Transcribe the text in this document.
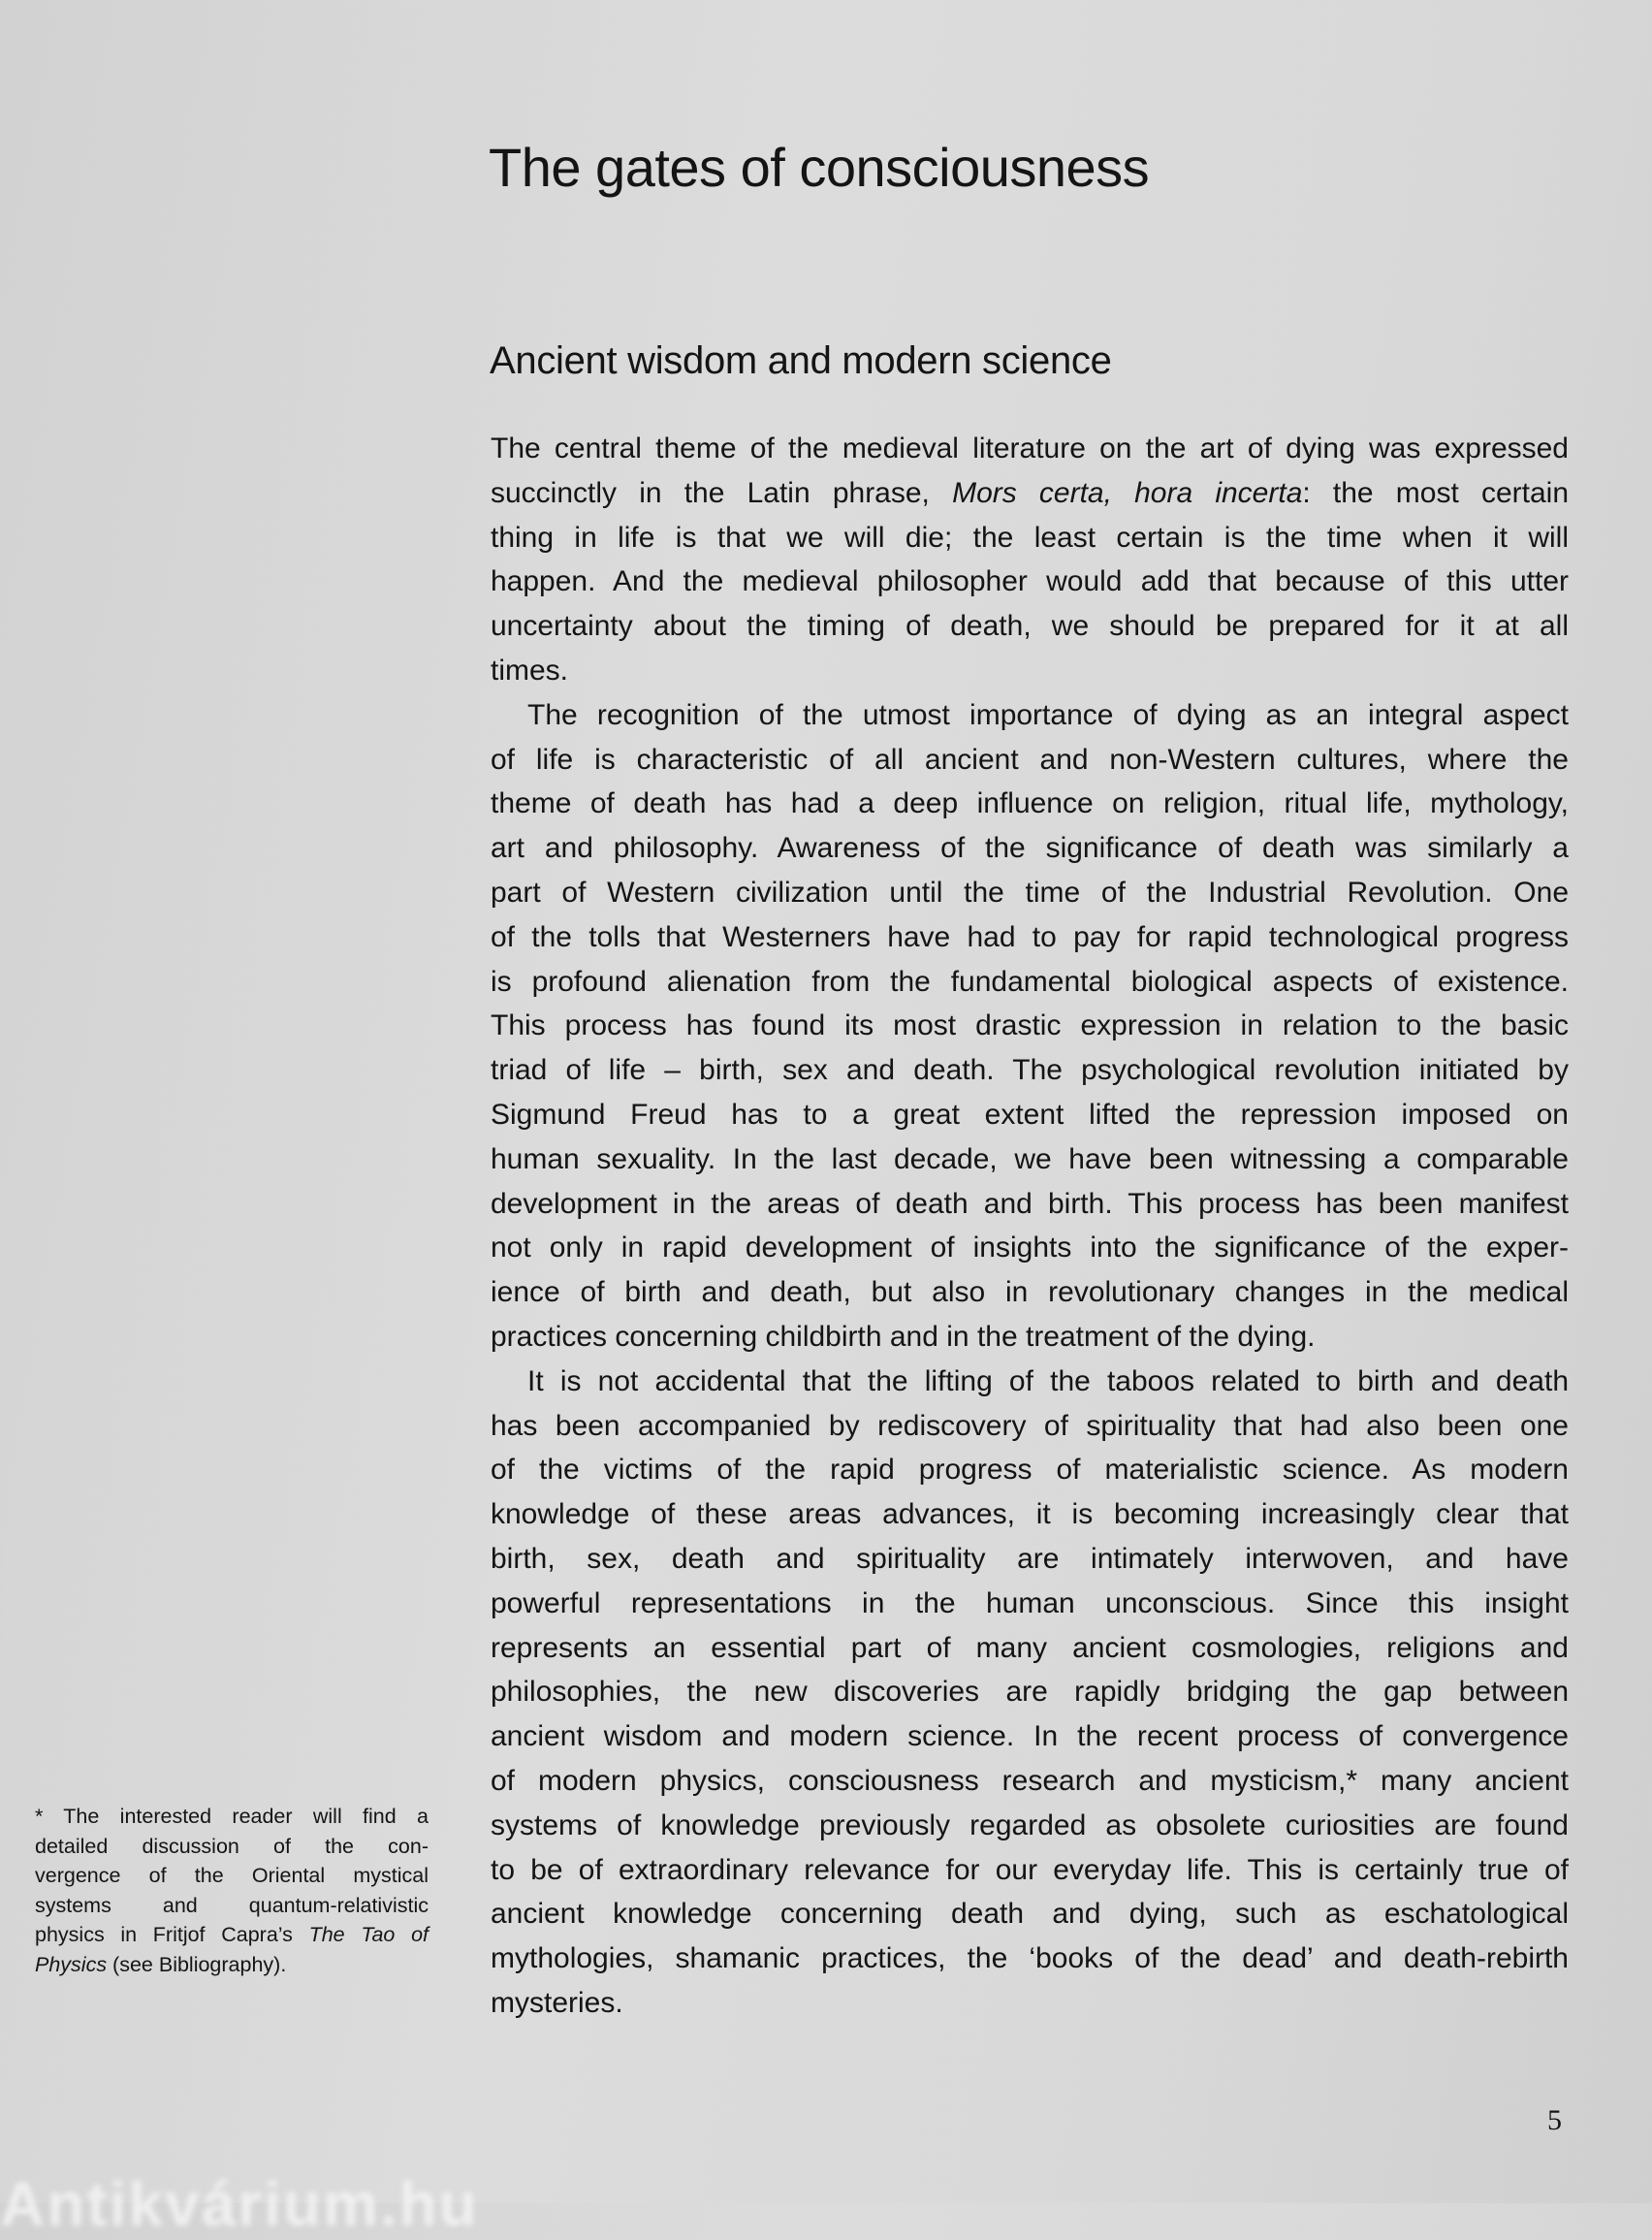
The gates of consciousness
Ancient wisdom and modern science
The central theme of the medieval literature on the art of dying was expressed
succinctly in the Latin phrase, Mors certa, hora incerta: the most certain
thing in life is that we will die; the least certain is the time when it will
happen. And the medieval philosopher would add that because of this utter
uncertainty about the timing of death, we should be prepared for it at all
times.
The recognition of the utmost importance of dying as an integral aspect
of life is characteristic of all ancient and non-Western cultures, where the
theme of death has had a deep influence on religion, ritual life, mythology,
art and philosophy. Awareness of the significance of death was similarly a
part of Western civilization until the time of the Industrial Revolution. One
of the tolls that Westerners have had to pay for rapid technological progress
is profound alienation from the fundamental biological aspects of existence.
This process has found its most drastic expression in relation to the basic
triad of life – birth, sex and death. The psychological revolution initiated by
Sigmund Freud has to a great extent lifted the repression imposed on
human sexuality. In the last decade, we have been witnessing a comparable
development in the areas of death and birth. This process has been manifest
not only in rapid development of insights into the significance of the exper-
ience of birth and death, but also in revolutionary changes in the medical
practices concerning childbirth and in the treatment of the dying.
It is not accidental that the lifting of the taboos related to birth and death
has been accompanied by rediscovery of spirituality that had also been one
of the victims of the rapid progress of materialistic science. As modern
knowledge of these areas advances, it is becoming increasingly clear that
birth, sex, death and spirituality are intimately interwoven, and have
powerful representations in the human unconscious. Since this insight
represents an essential part of many ancient cosmologies, religions and
philosophies, the new discoveries are rapidly bridging the gap between
ancient wisdom and modern science. In the recent process of convergence
of modern physics, consciousness research and mysticism,* many ancient
systems of knowledge previously regarded as obsolete curiosities are found
to be of extraordinary relevance for our everyday life. This is certainly true of
ancient knowledge concerning death and dying, such as eschatological
mythologies, shamanic practices, the ‘books of the dead’ and death-rebirth
mysteries.
* The interested reader will find a
detailed discussion of the con-
vergence of the Oriental mystical
systems and quantum-relativistic
physics in Fritjof Capra’s The Tao of
Physics (see Bibliography).
5
Antikvárium.hu
